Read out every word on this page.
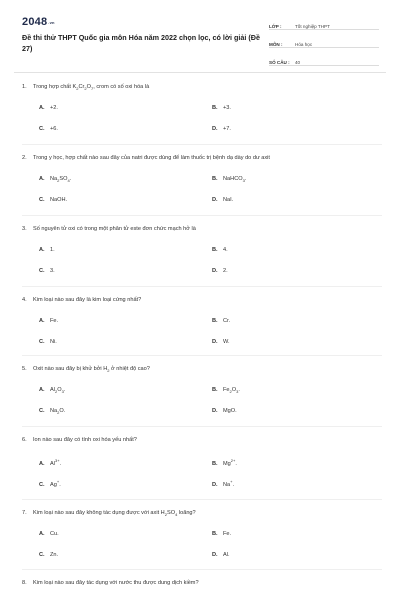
2048.vn
Đề thi thử THPT Quốc gia môn Hóa năm 2022 chọn lọc, có lời giải (Đề 27)
LỚP :	Tốt nghiệp THPT
MÔN :	Hóa học
SỐ CÂU :	40
1. Trong hợp chất $K_2Cr_2O_7$, crom có số oxi hóa là
A. +2.	B. +3.
C. +6.	D. +7.
2. Trong y học, hợp chất nào sau đây của natri được dùng để làm thuốc trị bệnh dạ dày do dư axit
A. $Na_2SO_4$.	B. NaHCO$_3$.
C. NaOH.	D. NaI.
3. Số nguyên tử oxi có trong một phân tử este đơn chức mạch hở là
A. 1.	B. 4.
C. 3.	D. 2.
4. Kim loại nào sau đây là kim loại cứng nhất?
A. Fe.	B. Cr.
C. Ni.	D. W.
5. Oxit nào sau đây bị khử bởi $H_2$ ở nhiệt độ cao?
A. $Al_2O_3$.	B. $Fe_2O_3$.
C. $Na_2O$.	D. MgO.
6. Ion nào sau đây có tính oxi hóa yếu nhất?
A. $Al^{3+}$.	B. $Mg^{2+}$.
C. Ag+.	D. Na+.
7. Kim loại nào sau đây không tác dụng được với axit $H_2SO_4$ loãng?
A. Cu.	B. Fe.
C. Zn.	D. Al.
8. Kim loại nào sau đây tác dụng với nước thu được dung dịch kiềm?
